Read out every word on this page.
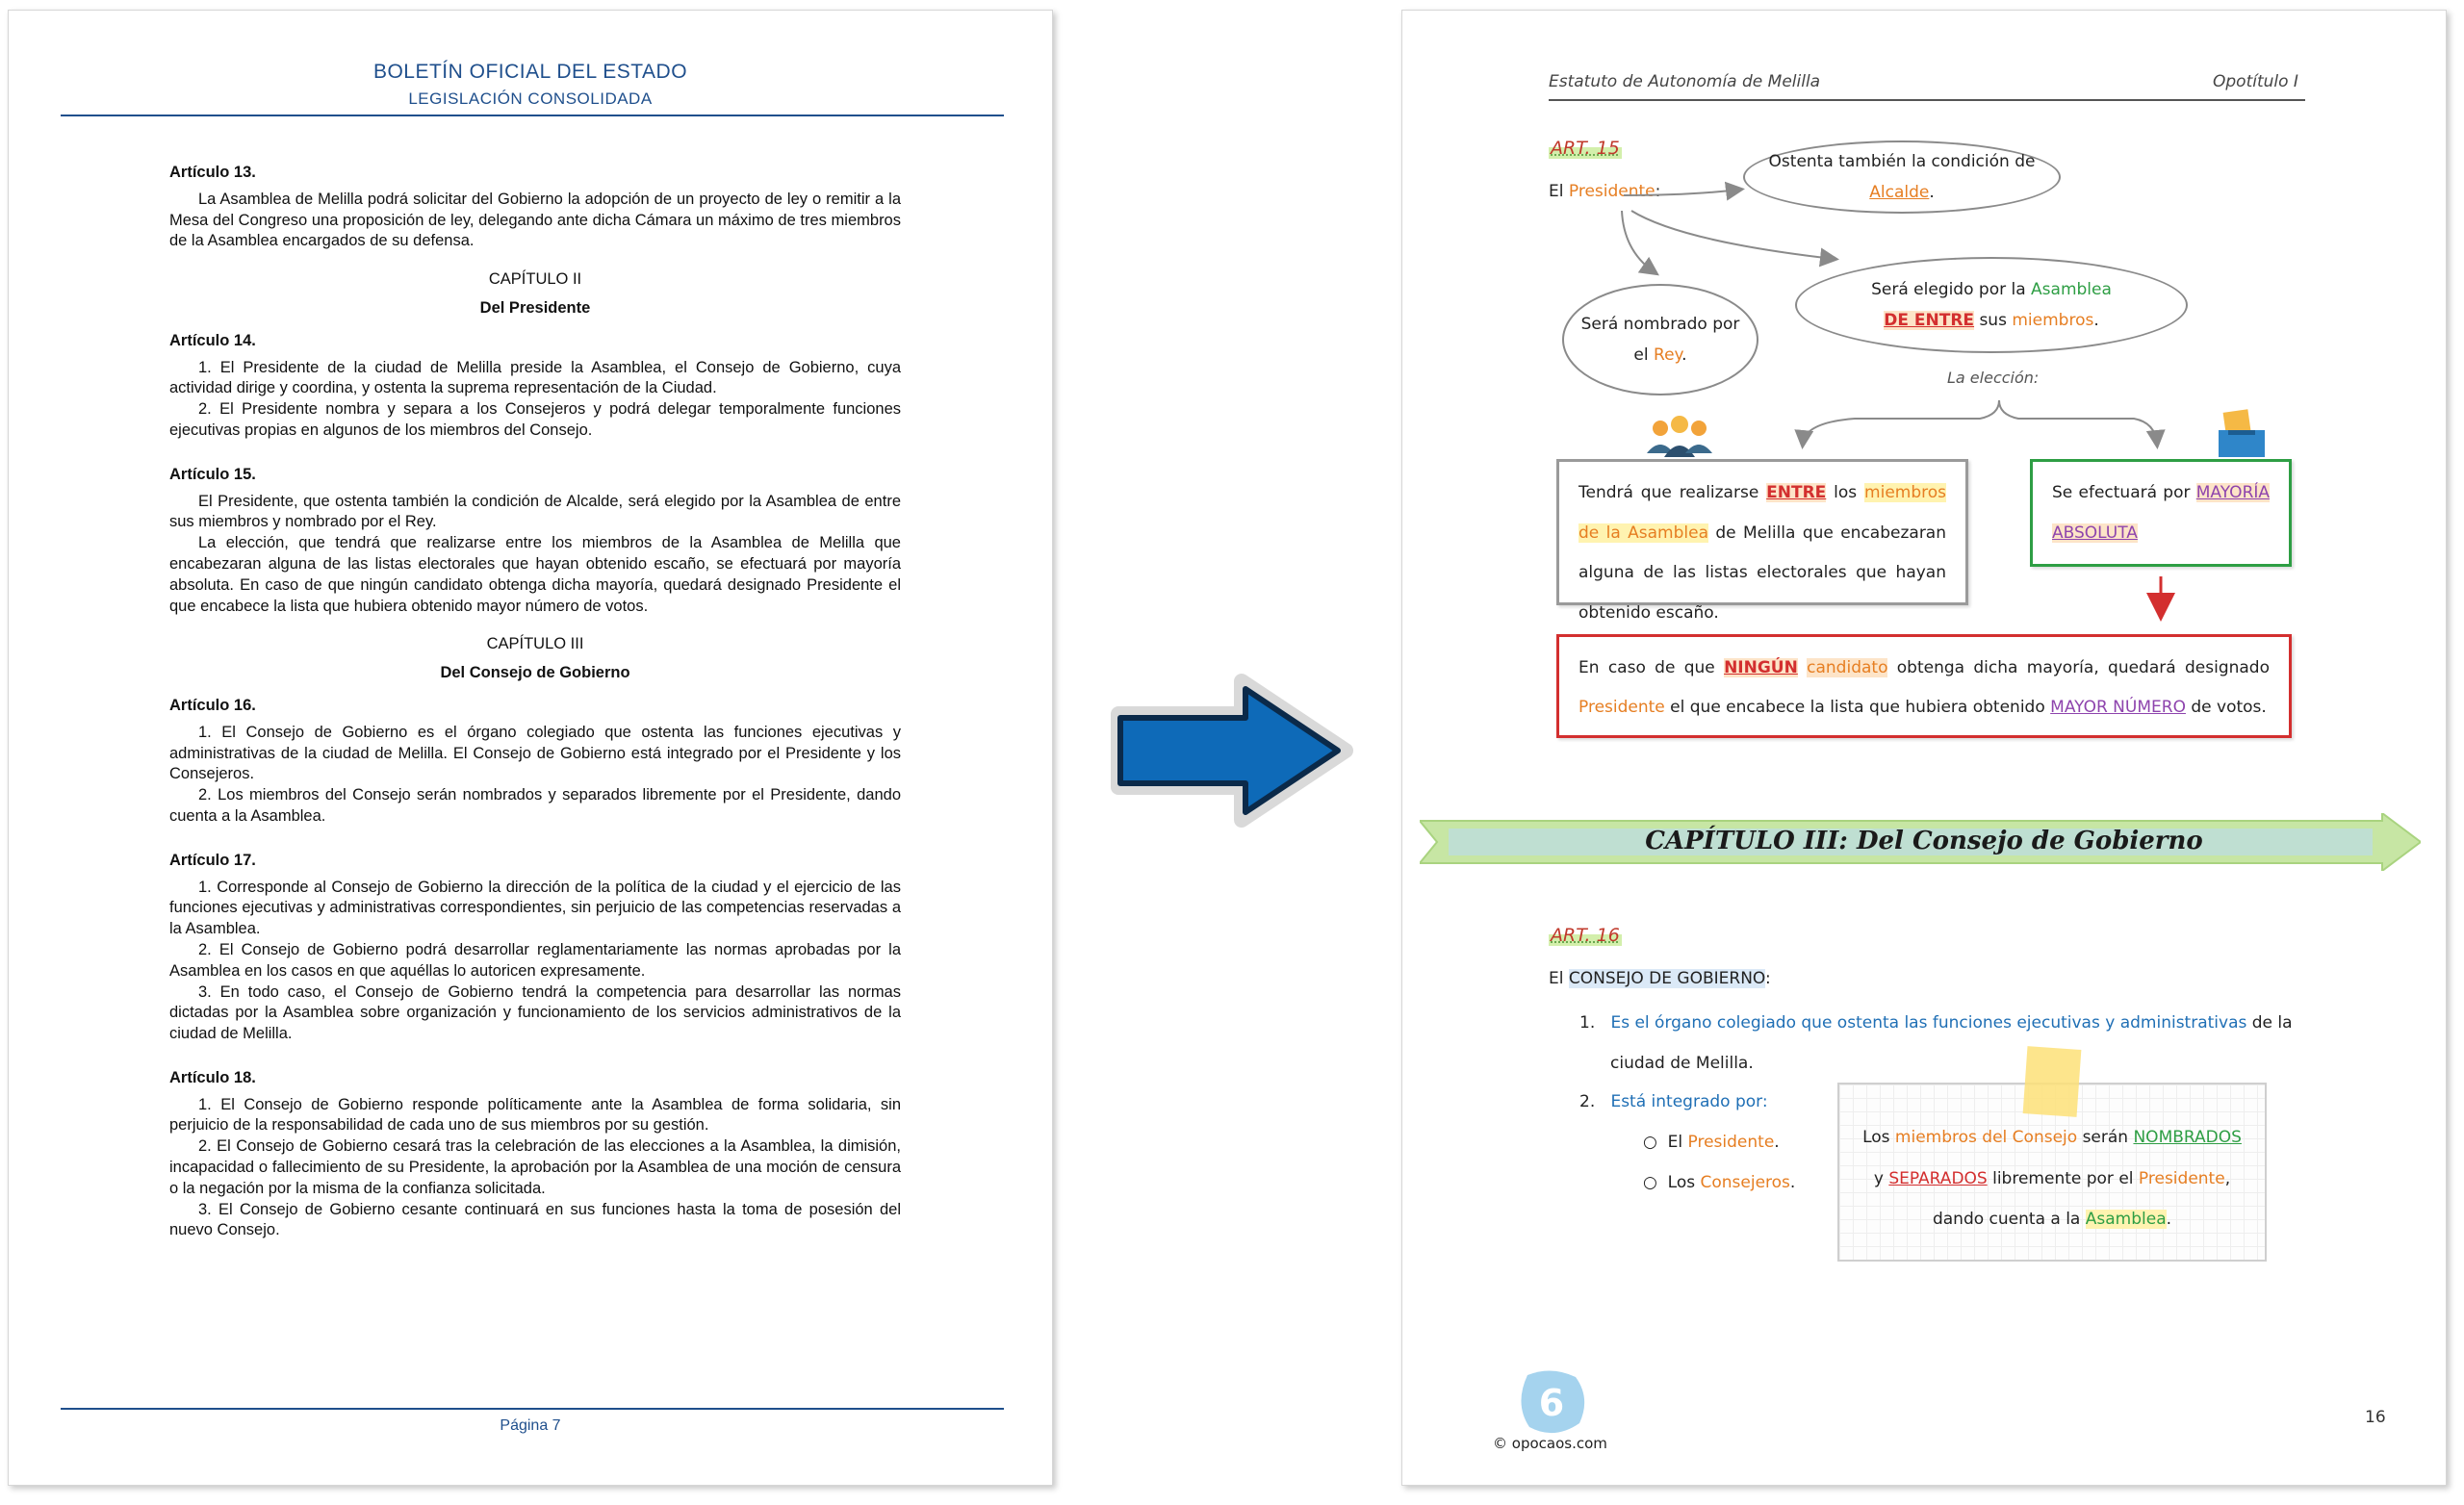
BOLETÍN OFICIAL DEL ESTADO
LEGISLACIÓN CONSOLIDADA
Artículo 13.

La Asamblea de Melilla podrá solicitar del Gobierno la adopción de un proyecto de ley o remitir a la Mesa del Congreso una proposición de ley, delegando ante dicha Cámara un máximo de tres miembros de la Asamblea encargados de su defensa.

CAPÍTULO II
Del Presidente
Artículo 14.

1. El Presidente de la ciudad de Melilla preside la Asamblea, el Consejo de Gobierno, cuya actividad dirige y coordina, y ostenta la suprema representación de la Ciudad.

2. El Presidente nombra y separa a los Consejeros y podrá delegar temporalmente funciones ejecutivas propias en algunos de los miembros del Consejo.

Artículo 15.

El Presidente, que ostenta también la condición de Alcalde, será elegido por la Asamblea de entre sus miembros y nombrado por el Rey.

La elección, que tendrá que realizarse entre los miembros de la Asamblea de Melilla que encabezaran alguna de las listas electorales que hayan obtenido escaño, se efectuará por mayoría absoluta. En caso de que ningún candidato obtenga dicha mayoría, quedará designado Presidente el que encabece la lista que hubiera obtenido mayor número de votos.

CAPÍTULO III
Del Consejo de Gobierno
Artículo 16.

1. El Consejo de Gobierno es el órgano colegiado que ostenta las funciones ejecutivas y administrativas de la ciudad de Melilla. El Consejo de Gobierno está integrado por el Presidente y los Consejeros.

2. Los miembros del Consejo serán nombrados y separados libremente por el Presidente, dando cuenta a la Asamblea.

Artículo 17.

1. Corresponde al Consejo de Gobierno la dirección de la política de la ciudad y el ejercicio de las funciones ejecutivas y administrativas correspondientes, sin perjuicio de las competencias reservadas a la Asamblea.

2. El Consejo de Gobierno podrá desarrollar reglamentariamente las normas aprobadas por la Asamblea en los casos en que aquéllas lo autoricen expresamente.

3. En todo caso, el Consejo de Gobierno tendrá la competencia para desarrollar las normas dictadas por la Asamblea sobre organización y funcionamiento de los servicios administrativos de la ciudad de Melilla.

Artículo 18.

1. El Consejo de Gobierno responde políticamente ante la Asamblea de forma solidaria, sin perjuicio de la responsabilidad de cada uno de sus miembros por su gestión.

2. El Consejo de Gobierno cesará tras la celebración de las elecciones a la Asamblea, la dimisión, incapacidad o fallecimiento de su Presidente, la aprobación por la Asamblea de una moción de censura o la negación por la misma de la confianza solicitada.

3. El Consejo de Gobierno cesante continuará en sus funciones hasta la toma de posesión del nuevo Consejo.

Página 7
Estatuto de Autonomía de Melilla	Opotítulo I
ART. 15
El Presidente:
Ostenta también la condición de Alcalde.
Será nombrado por
el Rey.
Será elegido por la Asamblea
DE ENTRE sus miembros.
La elección:
Tendrá que realizarse ENTRE los miembros de la Asamblea de Melilla que encabezaran alguna de las listas electorales que hayan obtenido escaño.
Se efectuará por MAYORÍA ABSOLUTA
En caso de que NINGÚN candidato obtenga dicha mayoría, quedará designado Presidente el que encabece la lista que hubiera obtenido MAYOR NÚMERO de votos.
CAPÍTULO III: Del Consejo de Gobierno
ART. 16
El CONSEJO DE GOBIERNO:
1. Es el órgano colegiado que ostenta las funciones ejecutivas y administrativas de la
ciudad de Melilla.
2. Está integrado por:
○  El Presidente.
○  Los Consejeros.
Los miembros del Consejo serán NOMBRADOS
y SEPARADOS libremente por el Presidente,
dando cuenta a la Asamblea.
6
© opocaos.com
16
